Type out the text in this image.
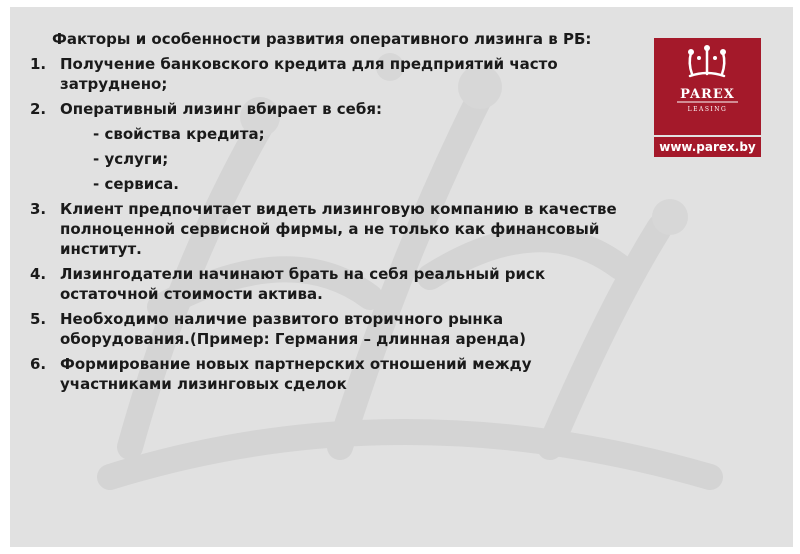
Факторы и особенности развития оперативного лизинга в РБ:
1. Получение банковского кредита для предприятий часто затруднено;
2. Оперативный лизинг вбирает в себя:
- свойства кредита;
- услуги;
- сервиса.
3. Клиент предпочитает видеть лизинговую компанию в качестве полноценной сервисной фирмы, а не только как финансовый институт.
4. Лизингодатели начинают брать на себя реальный риск остаточной стоимости актива.
5. Необходимо наличие развитого вторичного рынка оборудования.(Пример: Германия – длинная аренда)
6. Формирование новых партнерских отношений между участниками лизинговых сделок
PAREX
LEASING
www.parex.by
